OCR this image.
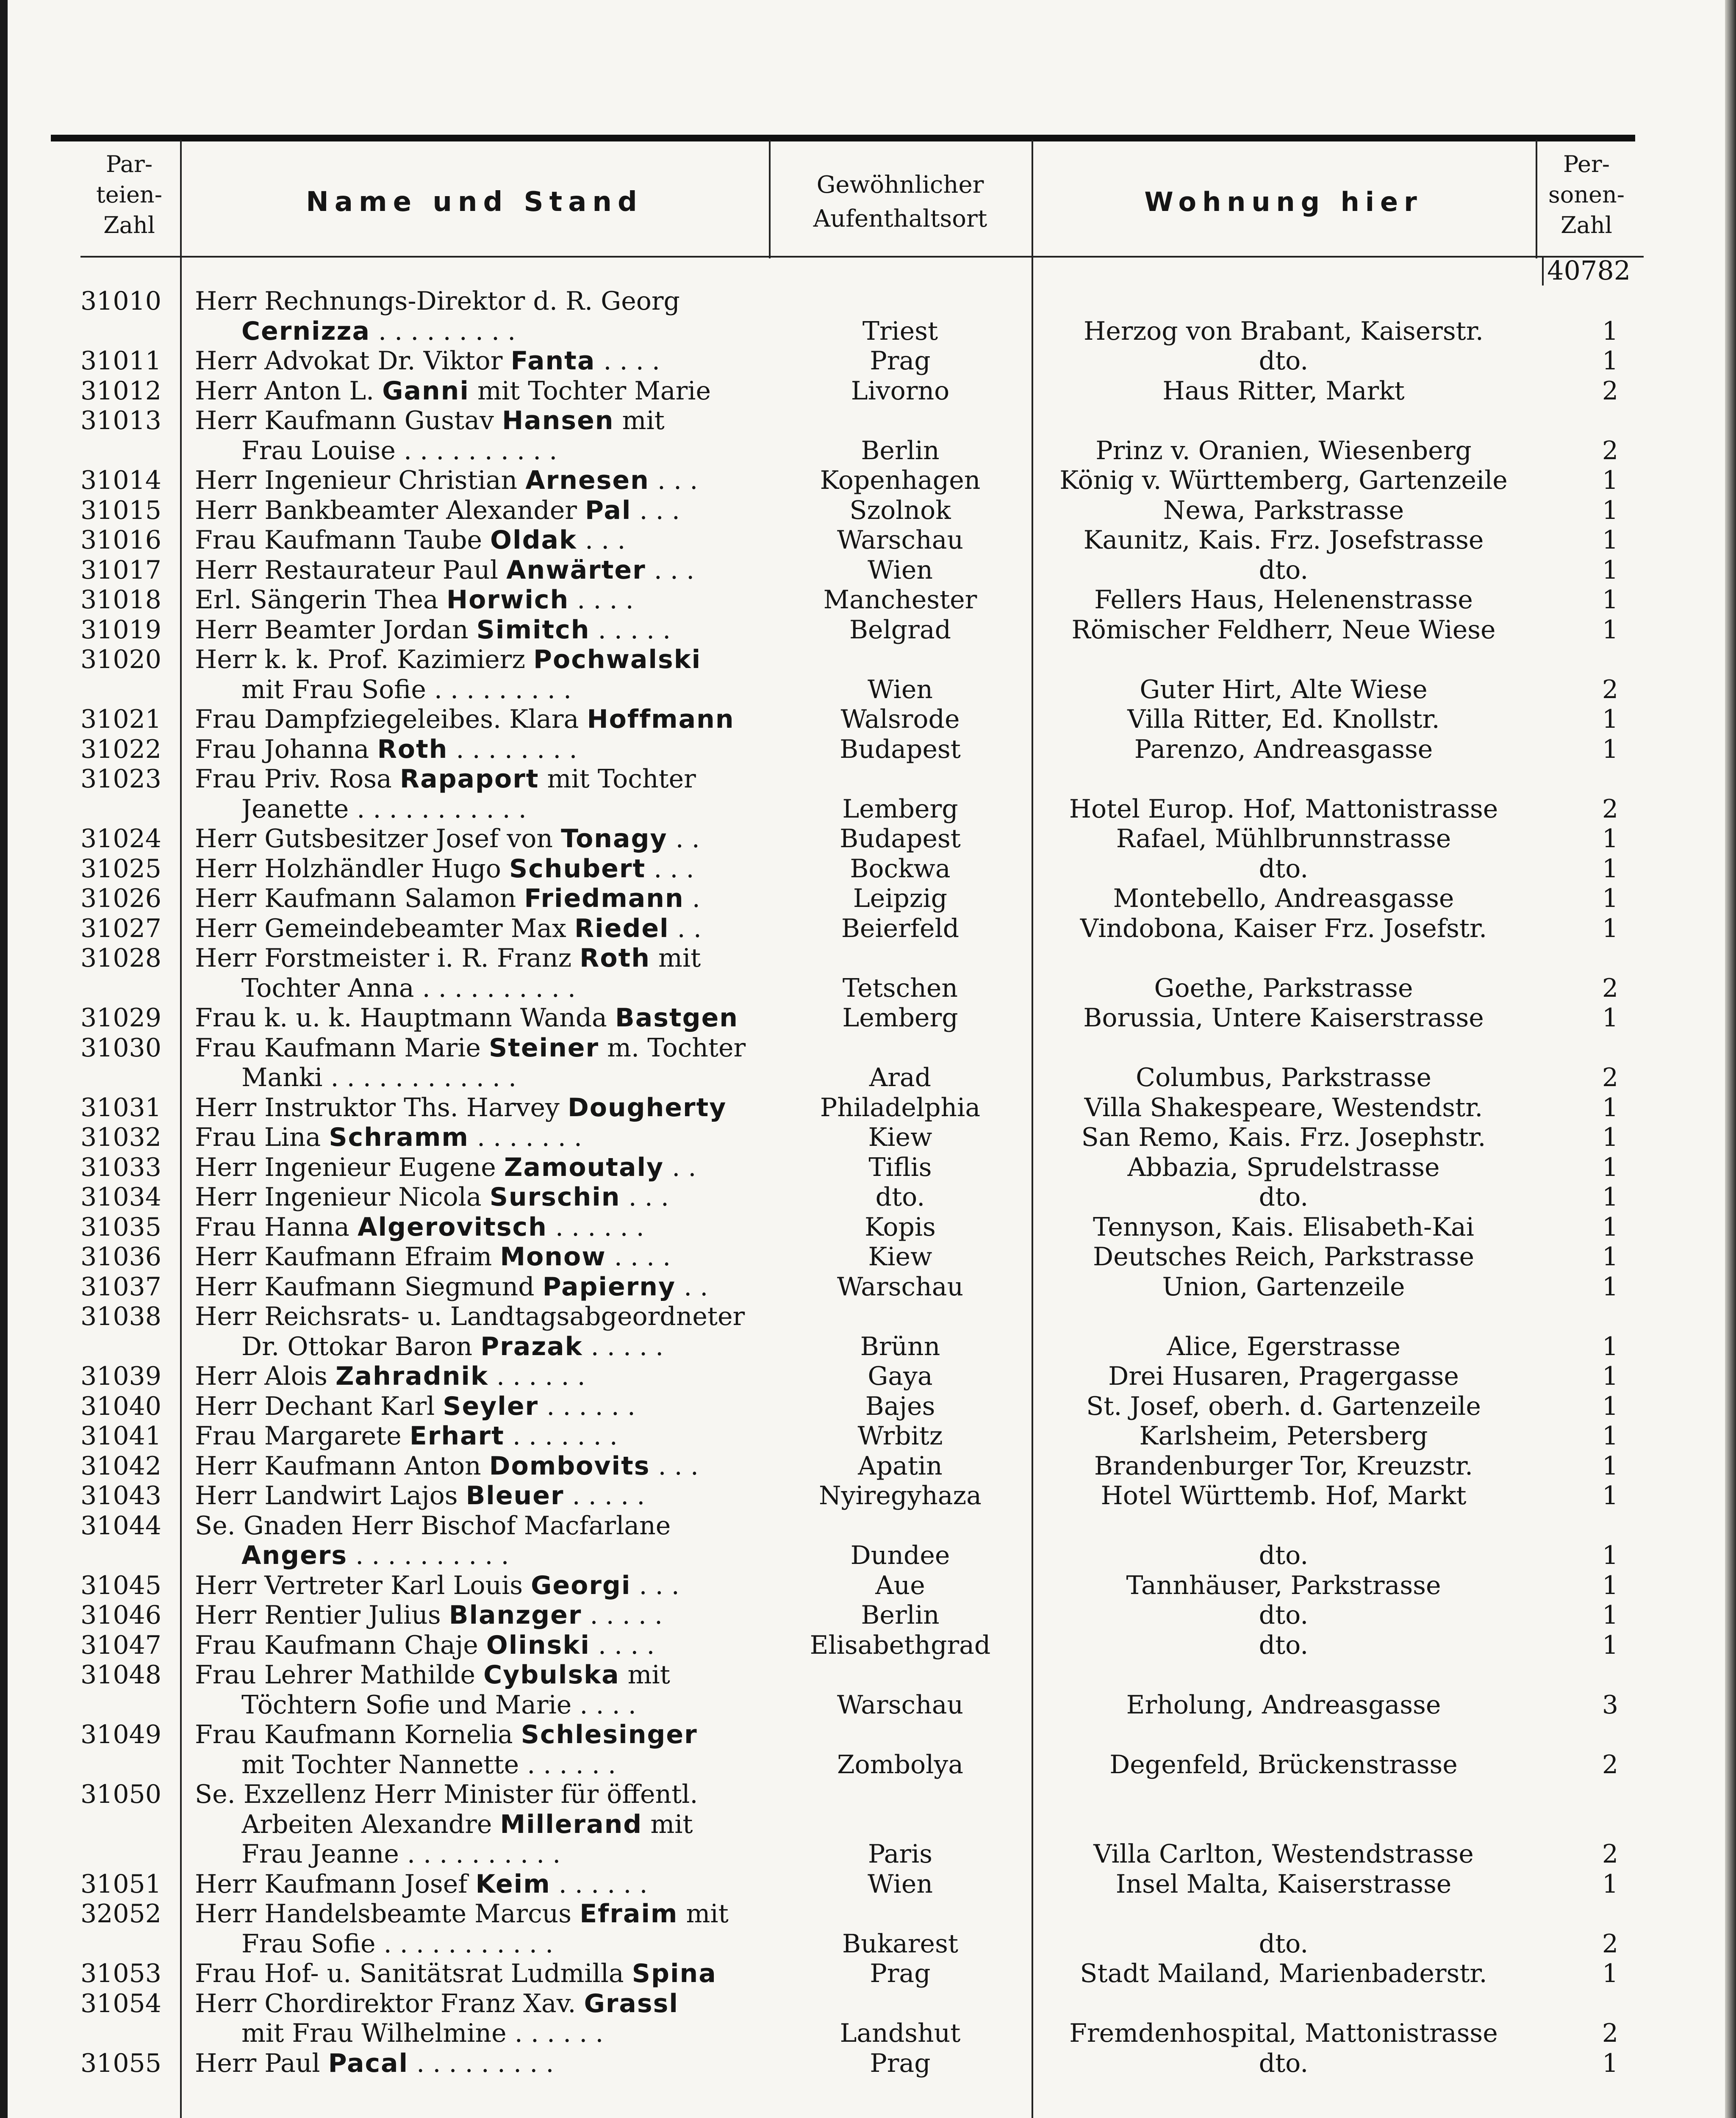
Par-
teien-
Zahl
Name und Stand
Gewöhnlicher
Aufenthaltsort
Wohnung hier
Per-
sonen-
Zahl
40782
31010	Herr Rechnungs-Direktor d. R. Georg
Cernizza . . . . . . . . .	Triest	Herzog von Brabant, Kaiserstr.	1
31011	Herr Advokat Dr. Viktor Fanta . . . .	Prag	dto.	1
31012	Herr Anton L. Ganni mit Tochter Marie	Livorno	Haus Ritter, Markt	2
31013	Herr Kaufmann Gustav Hansen mit
Frau Louise . . . . . . . . . .	Berlin	Prinz v. Oranien, Wiesenberg	2
31014	Herr Ingenieur Christian Arnesen . . .	Kopenhagen	König v. Württemberg, Gartenzeile	1
31015	Herr Bankbeamter Alexander Pal . . .	Szolnok	Newa, Parkstrasse	1
31016	Frau Kaufmann Taube Oldak . . .	Warschau	Kaunitz, Kais. Frz. Josefstrasse	1
31017	Herr Restaurateur Paul Anwärter . . .	Wien	dto.	1
31018	Erl. Sängerin Thea Horwich . . . .	Manchester	Fellers Haus, Helenenstrasse	1
31019	Herr Beamter Jordan Simitch . . . . .	Belgrad	Römischer Feldherr, Neue Wiese	1
31020	Herr k. k. Prof. Kazimierz Pochwalski
mit Frau Sofie . . . . . . . . .	Wien	Guter Hirt, Alte Wiese	2
31021	Frau Dampfziegeleibes. Klara Hoffmann	Walsrode	Villa Ritter, Ed. Knollstr.	1
31022	Frau Johanna Roth . . . . . . . .	Budapest	Parenzo, Andreasgasse	1
31023	Frau Priv. Rosa Rapaport mit Tochter
Jeanette . . . . . . . . . . .	Lemberg	Hotel Europ. Hof, Mattonistrasse	2
31024	Herr Gutsbesitzer Josef von Tonagy . .	Budapest	Rafael, Mühlbrunnstrasse	1
31025	Herr Holzhändler Hugo Schubert . . .	Bockwa	dto.	1
31026	Herr Kaufmann Salamon Friedmann .	Leipzig	Montebello, Andreasgasse	1
31027	Herr Gemeindebeamter Max Riedel . .	Beierfeld	Vindobona, Kaiser Frz. Josefstr.	1
31028	Herr Forstmeister i. R. Franz Roth mit
Tochter Anna . . . . . . . . . .	Tetschen	Goethe, Parkstrasse	2
31029	Frau k. u. k. Hauptmann Wanda Bastgen	Lemberg	Borussia, Untere Kaiserstrasse	1
31030	Frau Kaufmann Marie Steiner m. Tochter
Manki . . . . . . . . . . . .	Arad	Columbus, Parkstrasse	2
31031	Herr Instruktor Ths. Harvey Dougherty	Philadelphia	Villa Shakespeare, Westendstr.	1
31032	Frau Lina Schramm . . . . . . .	Kiew	San Remo, Kais. Frz. Josephstr.	1
31033	Herr Ingenieur Eugene Zamoutaly . .	Tiflis	Abbazia, Sprudelstrasse	1
31034	Herr Ingenieur Nicola Surschin . . .	dto.	dto.	1
31035	Frau Hanna Algerovitsch . . . . . .	Kopis	Tennyson, Kais. Elisabeth-Kai	1
31036	Herr Kaufmann Efraim Monow . . . .	Kiew	Deutsches Reich, Parkstrasse	1
31037	Herr Kaufmann Siegmund Papierny . .	Warschau	Union, Gartenzeile	1
31038	Herr Reichsrats- u. Landtagsabgeordneter
Dr. Ottokar Baron Prazak . . . . .	Brünn	Alice, Egerstrasse	1
31039	Herr Alois Zahradnik . . . . . .	Gaya	Drei Husaren, Pragergasse	1
31040	Herr Dechant Karl Seyler . . . . . .	Bajes	St. Josef, oberh. d. Gartenzeile	1
31041	Frau Margarete Erhart . . . . . . .	Wrbitz	Karlsheim, Petersberg	1
31042	Herr Kaufmann Anton Dombovits . . .	Apatin	Brandenburger Tor, Kreuzstr.	1
31043	Herr Landwirt Lajos Bleuer . . . . .	Nyiregyhaza	Hotel Württemb. Hof, Markt	1
31044	Se. Gnaden Herr Bischof Macfarlane
Angers . . . . . . . . . .	Dundee	dto.	1
31045	Herr Vertreter Karl Louis Georgi . . .	Aue	Tannhäuser, Parkstrasse	1
31046	Herr Rentier Julius Blanzger . . . . .	Berlin	dto.	1
31047	Frau Kaufmann Chaje Olinski . . . .	Elisabethgrad	dto.	1
31048	Frau Lehrer Mathilde Cybulska mit
Töchtern Sofie und Marie . . . .	Warschau	Erholung, Andreasgasse	3
31049	Frau Kaufmann Kornelia Schlesinger
mit Tochter Nannette . . . . . .	Zombolya	Degenfeld, Brückenstrasse	2
31050	Se. Exzellenz Herr Minister für öffentl.
Arbeiten Alexandre Millerand mit
Frau Jeanne . . . . . . . . . .	Paris	Villa Carlton, Westendstrasse	2
31051	Herr Kaufmann Josef Keim . . . . . .	Wien	Insel Malta, Kaiserstrasse	1
32052	Herr Handelsbeamte Marcus Efraim mit
Frau Sofie . . . . . . . . . . .	Bukarest	dto.	2
31053	Frau Hof- u. Sanitätsrat Ludmilla Spina	Prag	Stadt Mailand, Marienbaderstr.	1
31054	Herr Chordirektor Franz Xav. Grassl
mit Frau Wilhelmine . . . . . .	Landshut	Fremdenhospital, Mattonistrasse	2
31055	Herr Paul Pacal . . . . . . . . .	Prag	dto.	1
